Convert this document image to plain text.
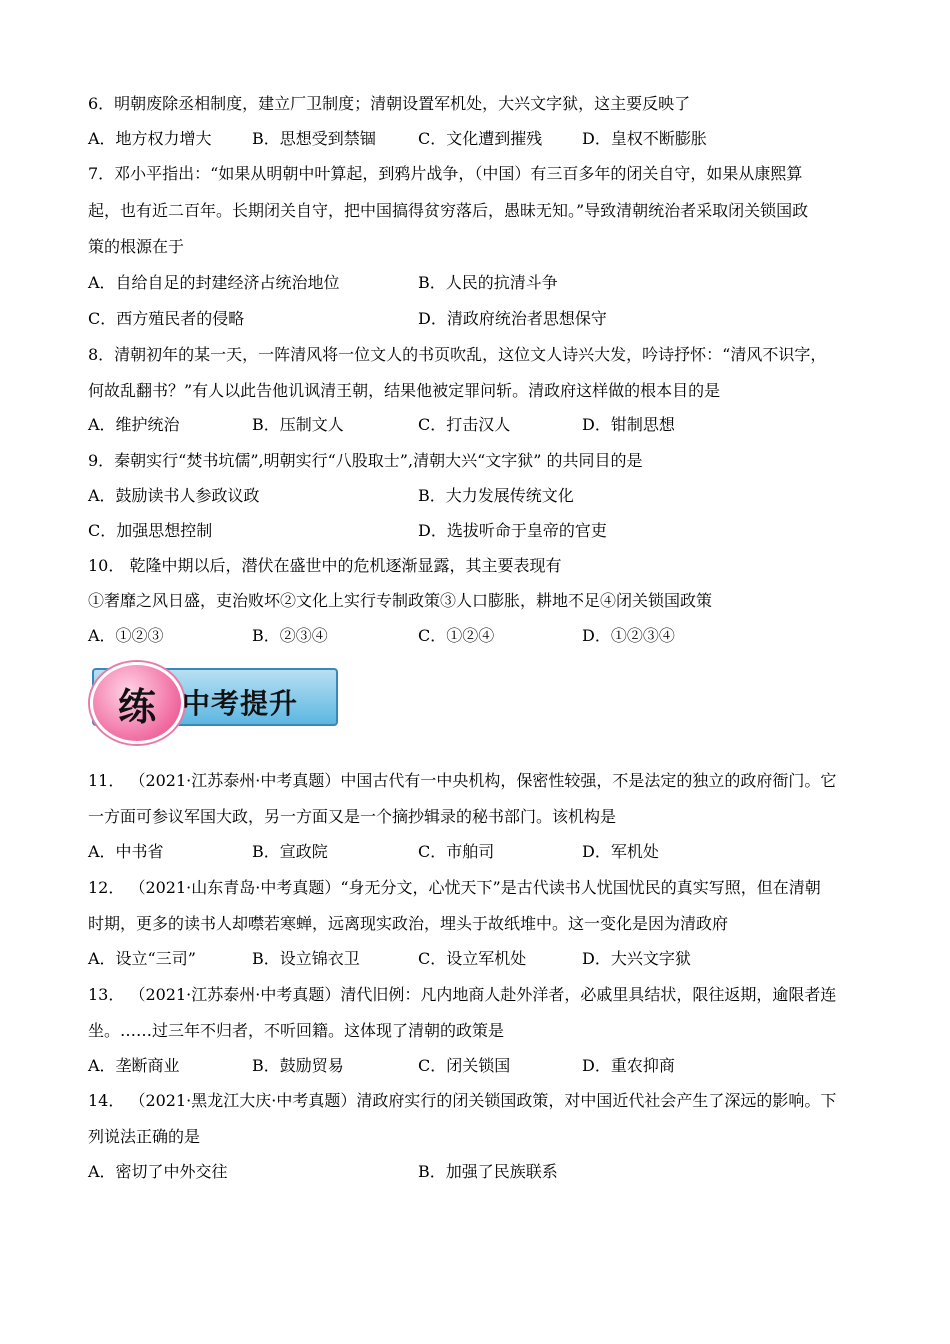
6．明朝废除丞相制度，建立厂卫制度；清朝设置军机处，大兴文字狱，这主要反映了
A．地方权力增大	B．思想受到禁锢	C．文化遭到摧残 D．皇权不断膨胀
7．邓小平指出：“如果从明朝中叶算起，到鸦片战争，（中国）有三百多年的闭关自守，如果从康熙算
起，也有近二百年。长期闭关自守，把中国搞得贫穷落后，愚昧无知。”导致清朝统治者采取闭关锁国政
策的根源在于
A．自给自足的封建经济占统治地位	B．人民的抗清斗争
C．西方殖民者的侵略	D．清政府统治者思想保守
8．清朝初年的某一天，一阵清风将一位文人的书页吹乱，这位文人诗兴大发，吟诗抒怀：“清风不识字，
何故乱翻书？”有人以此告他讥讽清王朝，结果他被定罪问斩。清政府这样做的根本目的是
A．维护统治	B．压制文人	C．打击汉人	D．钳制思想
9．秦朝实行“焚书坑儒”,明朝实行“八股取士”,清朝大兴“文字狱” 的共同目的是
A．鼓励读书人参政议政	B．大力发展传统文化
C．加强思想控制	D．选拔听命于皇帝的官吏
10． 乾隆中期以后，潜伏在盛世中的危机逐渐显露，其主要表现有
①奢靡之风日盛，吏治败坏②文化上实行专制政策③人口膨胀，耕地不足④闭关锁国政策
A．①②③	B．②③④	C．①②④	D．①②③④
练 中考提升
11． （2021·江苏泰州·中考真题）中国古代有一中央机构，保密性较强，不是法定的独立的政府衙门。它
一方面可参议军国大政，另一方面又是一个摘抄辑录的秘书部门。该机构是
A．中书省	B．宣政院	C．市舶司	D．军机处
12． （2021·山东青岛·中考真题）“身无分文，心忧天下”是古代读书人忧国忧民的真实写照，但在清朝
时期，更多的读书人却噤若寒蝉，远离现实政治，埋头于故纸堆中。这一变化是因为清政府
A．设立“三司”	B．设立锦衣卫	C．设立军机处	D．大兴文字狱
13． （2021·江苏泰州·中考真题）清代旧例：凡内地商人赴外洋者，必戚里具结状，限往返期，逾限者连
坐。……过三年不归者，不听回籍。这体现了清朝的政策是
A．垄断商业	B．鼓励贸易	C．闭关锁国	D．重农抑商
14． （2021·黑龙江大庆·中考真题）清政府实行的闭关锁国政策，对中国近代社会产生了深远的影响。下
列说法正确的是
A．密切了中外交往	B．加强了民族联系
